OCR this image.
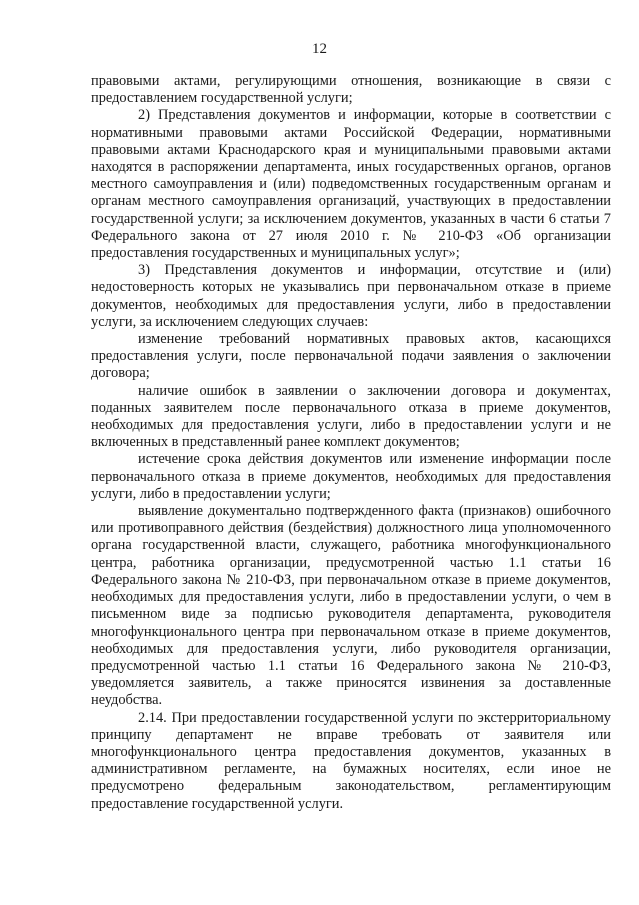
12

правовыми актами, регулирующими отношения, возникающие в связи с предоставлением государственной услуги;

2) Представления документов и информации, которые в соответствии с нормативными правовыми актами Российской Федерации, нормативными правовыми актами Краснодарского края и муниципальными правовыми актами находятся в распоряжении департамента, иных государственных органов, органов местного самоуправления и (или) подведомственных государственным органам и органам местного самоуправления организаций, участвующих в предоставлении государственной услуги; за исключением документов, указанных в части 6 статьи 7 Федерального закона от 27 июля 2010 г. № 210-ФЗ «Об организации предоставления государственных и муниципальных услуг»;

3) Представления документов и информации, отсутствие и (или) недостоверность которых не указывались при первоначальном отказе в приеме документов, необходимых для предоставления услуги, либо в предоставлении услуги, за исключением следующих случаев:

изменение требований нормативных правовых актов, касающихся предоставления услуги, после первоначальной подачи заявления о заключении договора;

наличие ошибок в заявлении о заключении договора и документах, поданных заявителем после первоначального отказа в приеме документов, необходимых для предоставления услуги, либо в предоставлении услуги и не включенных в представленный ранее комплект документов;

истечение срока действия документов или изменение информации после первоначального отказа в приеме документов, необходимых для предоставления услуги, либо в предоставлении услуги;

выявление документально подтвержденного факта (признаков) ошибочного или противоправного действия (бездействия) должностного лица уполномоченного органа государственной власти, служащего, работника многофункционального центра, работника организации, предусмотренной частью 1.1 статьи 16 Федерального закона № 210-ФЗ, при первоначальном отказе в приеме документов, необходимых для предоставления услуги, либо в предоставлении услуги, о чем в письменном виде за подписью руководителя департамента, руководителя многофункционального центра при первоначальном отказе в приеме документов, необходимых для предоставления услуги, либо руководителя организации, предусмотренной частью 1.1 статьи 16 Федерального закона № 210-ФЗ, уведомляется заявитель, а также приносятся извинения за доставленные неудобства.

2.14. При предоставлении государственной услуги по экстерриториальному принципу департамент не вправе требовать от заявителя или многофункционального центра предоставления документов, указанных в административном регламенте, на бумажных носителях, если иное не предусмотрено федеральным законодательством, регламентирующим предоставление государственной услуги.
